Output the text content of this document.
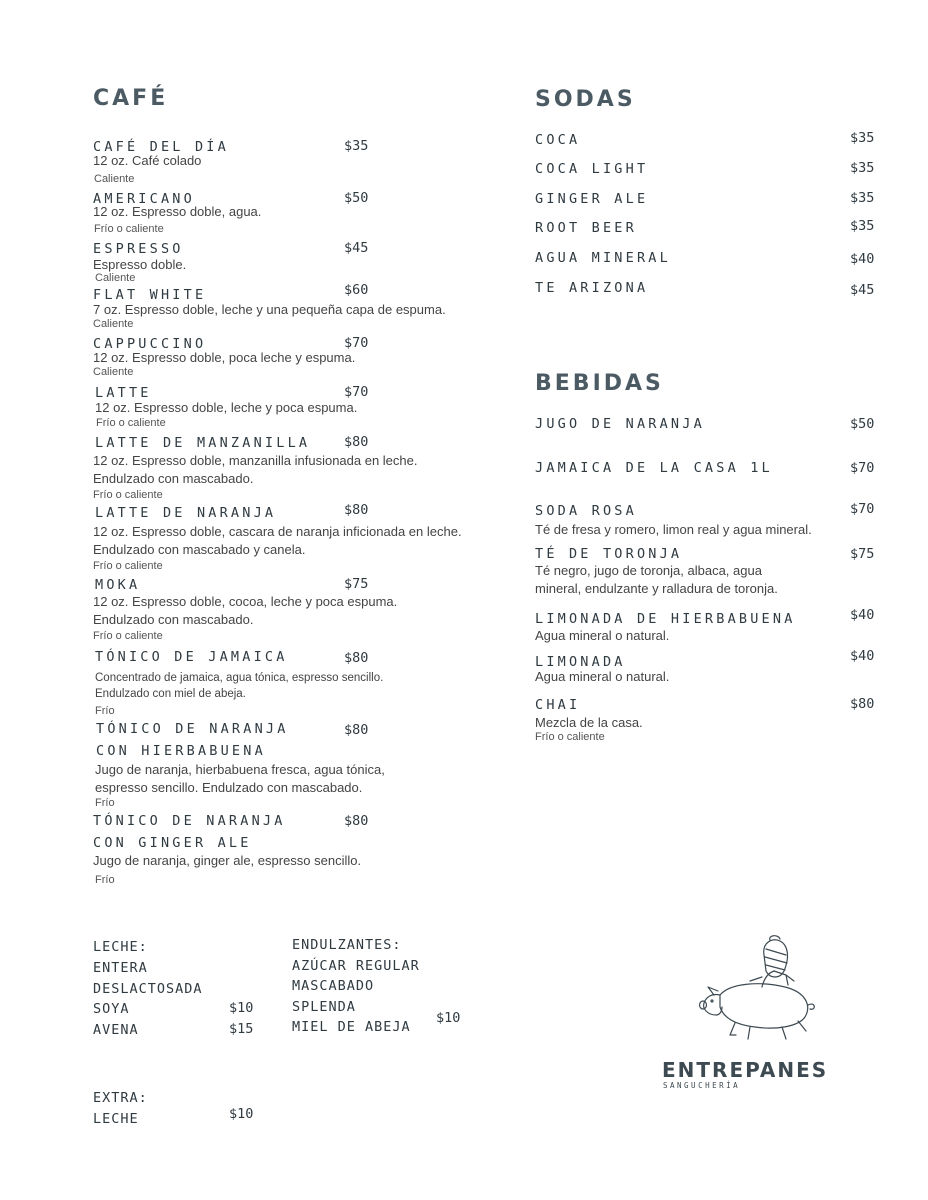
CAFÉ
CAFÉ DEL DÍA	$35
12 oz. Café colado
Caliente
AMERICANO	$50
12 oz. Espresso doble, agua.
Frío o caliente
ESPRESSO	$45
Espresso doble.
Caliente
FLAT WHITE	$60
7 oz. Espresso doble, leche y una pequeña capa de espuma.
Caliente
CAPPUCCINO	$70
12 oz. Espresso doble, poca leche y espuma.
Caliente
LATTE	$70
12 oz. Espresso doble, leche y poca espuma.
Frío o caliente
LATTE DE MANZANILLA	$80
12 oz. Espresso doble, manzanilla infusionada en leche.
Endulzado con mascabado.
Frío o caliente
LATTE DE NARANJA	$80
12 oz. Espresso doble, cascara de naranja inficionada en leche.
Endulzado con mascabado y canela.
Frío o caliente
MOKA	$75
12 oz. Espresso doble, cocoa, leche y poca espuma.
Endulzado con mascabado.
Frío o caliente
TÓNICO DE JAMAICA	$80
Concentrado de jamaica, agua tónica, espresso sencillo.
Endulzado con miel de abeja.
Frío
TÓNICO DE NARANJA
CON HIERBABUENA
$80
Jugo de naranja, hierbabuena fresca, agua tónica,
espresso sencillo. Endulzado con mascabado.
Frío
TÓNICO DE NARANJA
CON GINGER ALE
$80
Jugo de naranja, ginger ale, espresso sencillo.
Frío
SODAS
COCA	$35
COCA LIGHT	$35
GINGER ALE	$35
ROOT BEER	$35
AGUA MINERAL	$40
TE ARIZONA	$45
BEBIDAS
JUGO DE NARANJA	$50
JAMAICA DE LA CASA 1L	$70
SODA ROSA	$70
Té de fresa y romero, limon real y agua mineral.
TÉ DE TORONJA	$75
Té negro, jugo de toronja, albaca, agua
mineral, endulzante y ralladura de toronja.
LIMONADA DE HIERBABUENA	$40
Agua mineral o natural.
LIMONADA	$40
Agua mineral o natural.
CHAI	$80
Mezcla de la casa.
Frío o caliente
LECHE:
ENTERA
DESLACTOSADA
SOYA	$10
AVENA	$15
ENDULZANTES:
AZÚCAR REGULAR
MASCABADO
SPLENDA
MIEL DE ABEJA
$10
EXTRA:
LECHE	$10
ENTREPANES
SANGUCHERÍA
